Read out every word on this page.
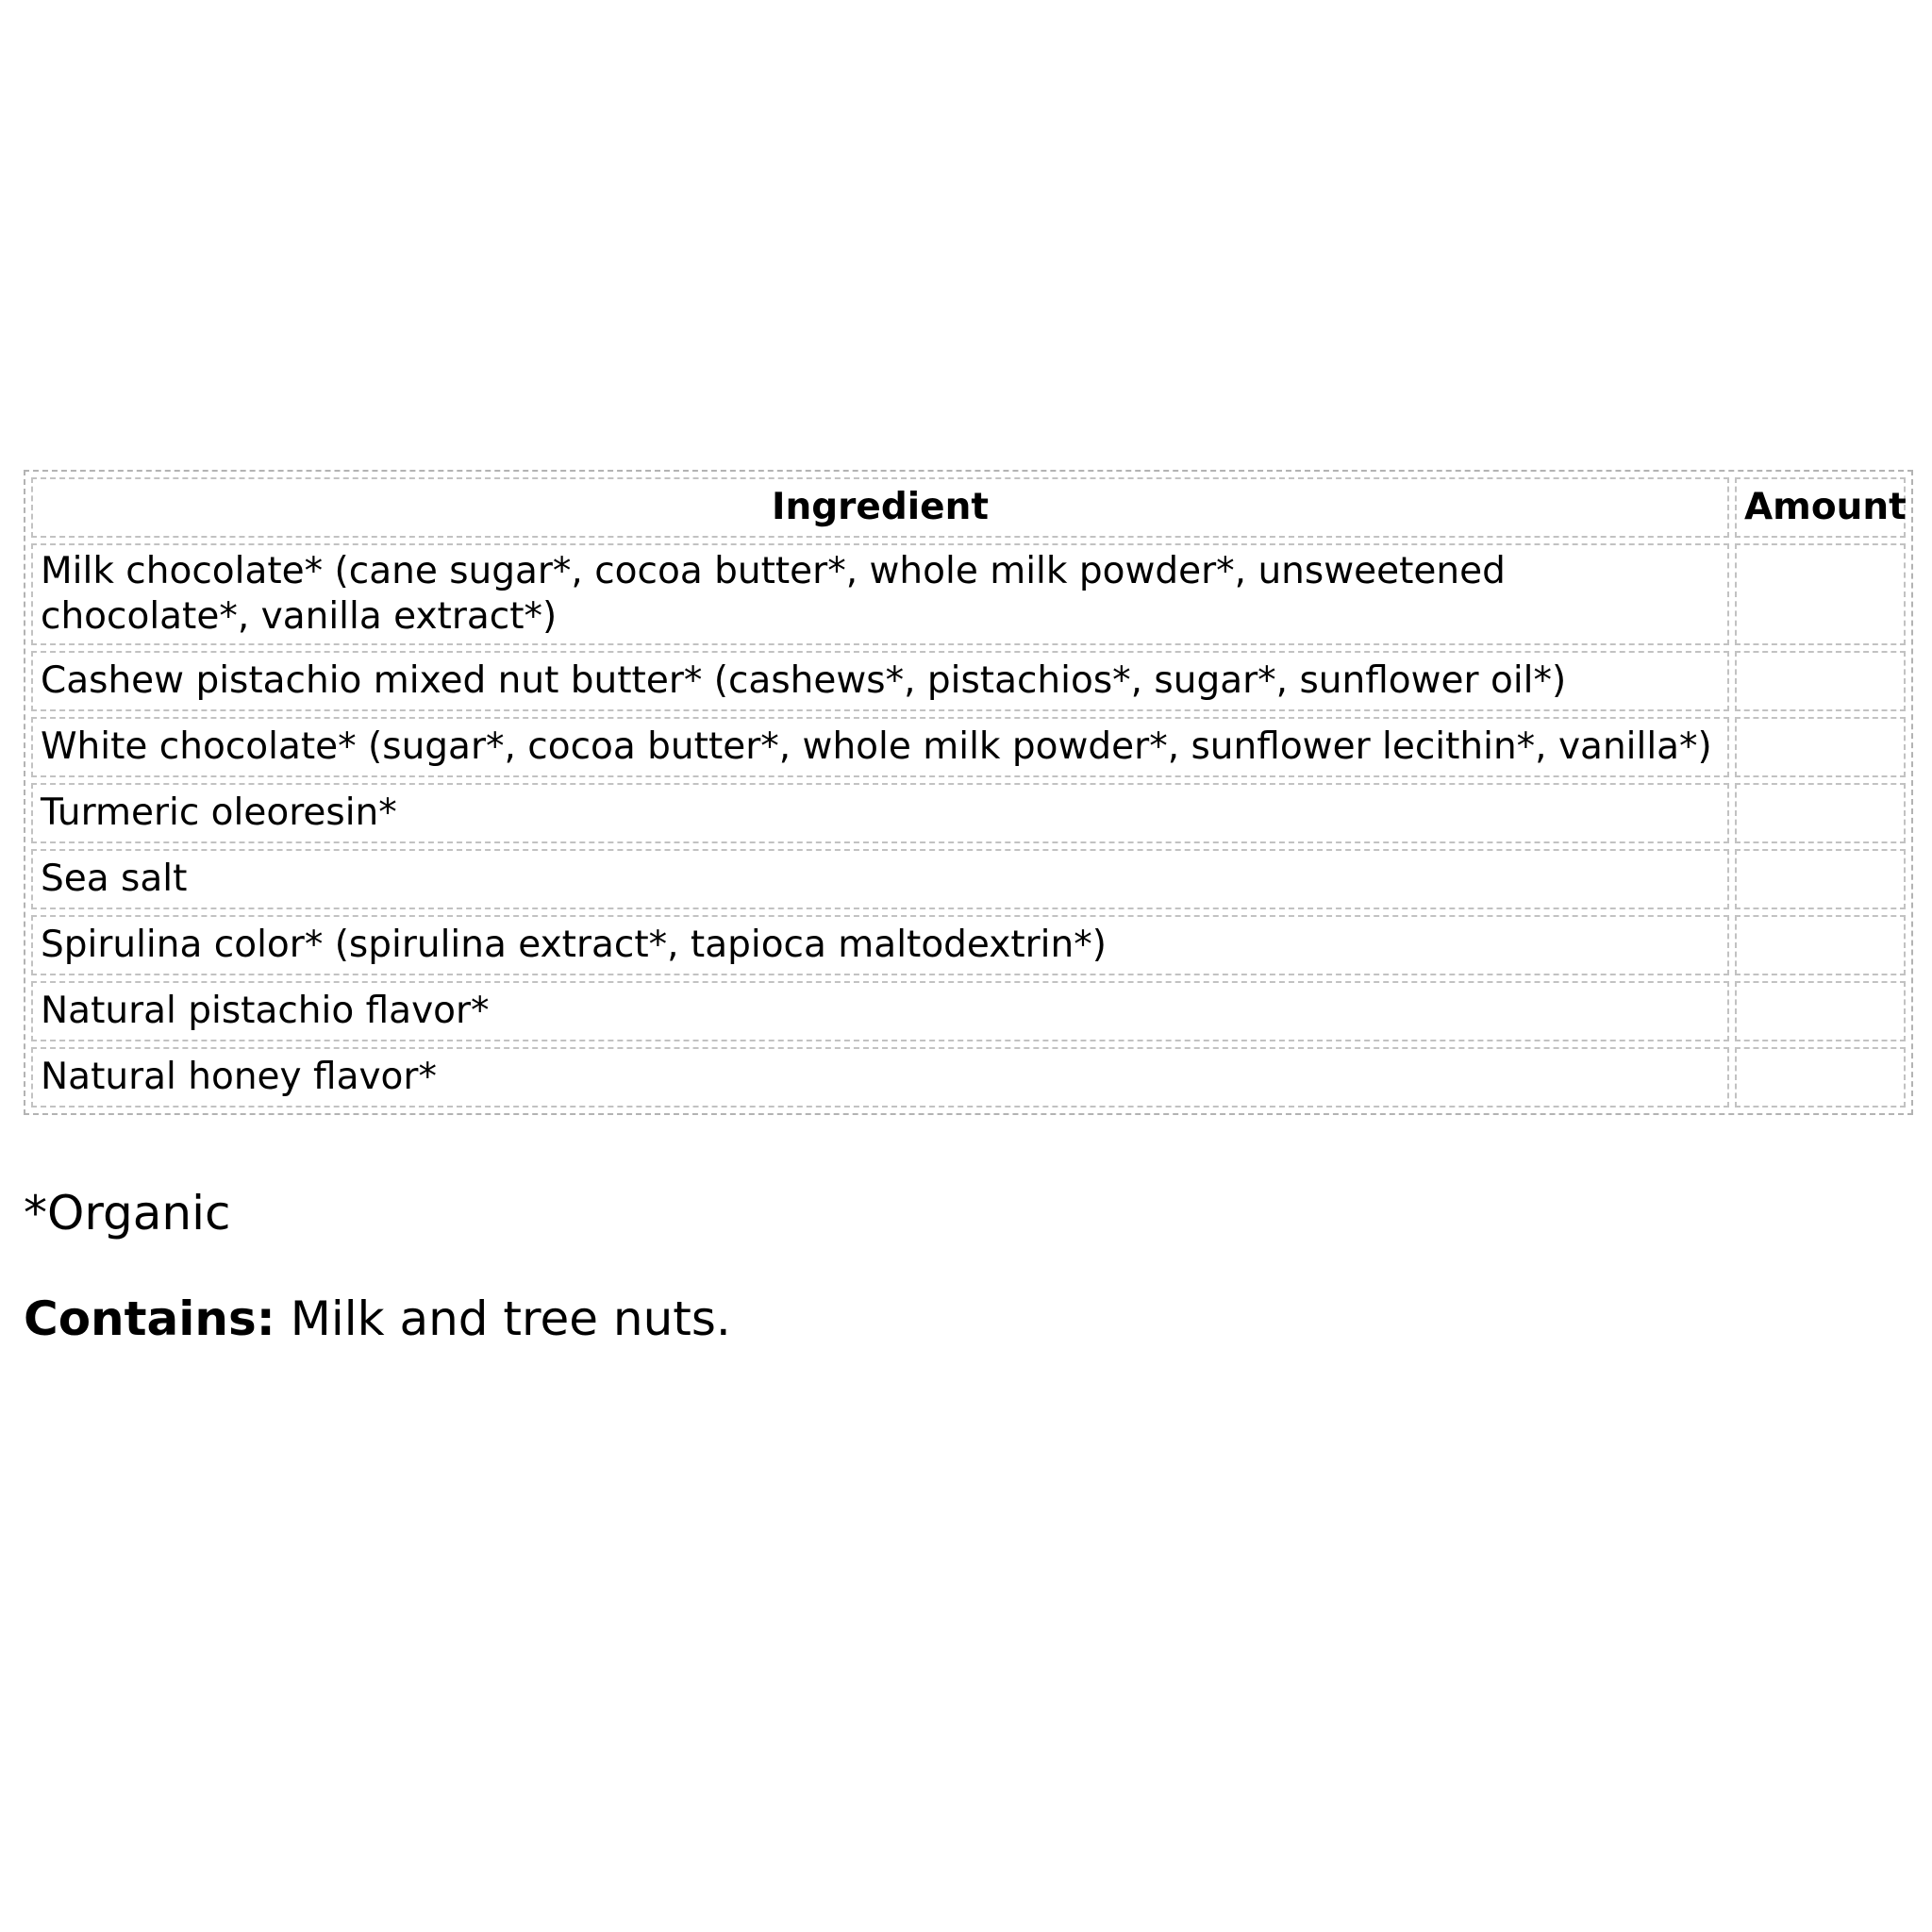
Ingredient	Amount
Milk chocolate* (cane sugar*, cocoa butter*, whole milk powder*, unsweetened chocolate*, vanilla extract*)	
Cashew pistachio mixed nut butter* (cashews*, pistachios*, sugar*, sunflower oil*)	
White chocolate* (sugar*, cocoa butter*, whole milk powder*, sunflower lecithin*, vanilla*)	
Turmeric oleoresin*	
Sea salt	
Spirulina color* (spirulina extract*, tapioca maltodextrin*)	
Natural pistachio flavor*	
Natural honey flavor*	

*Organic

Contains: Milk and tree nuts.
